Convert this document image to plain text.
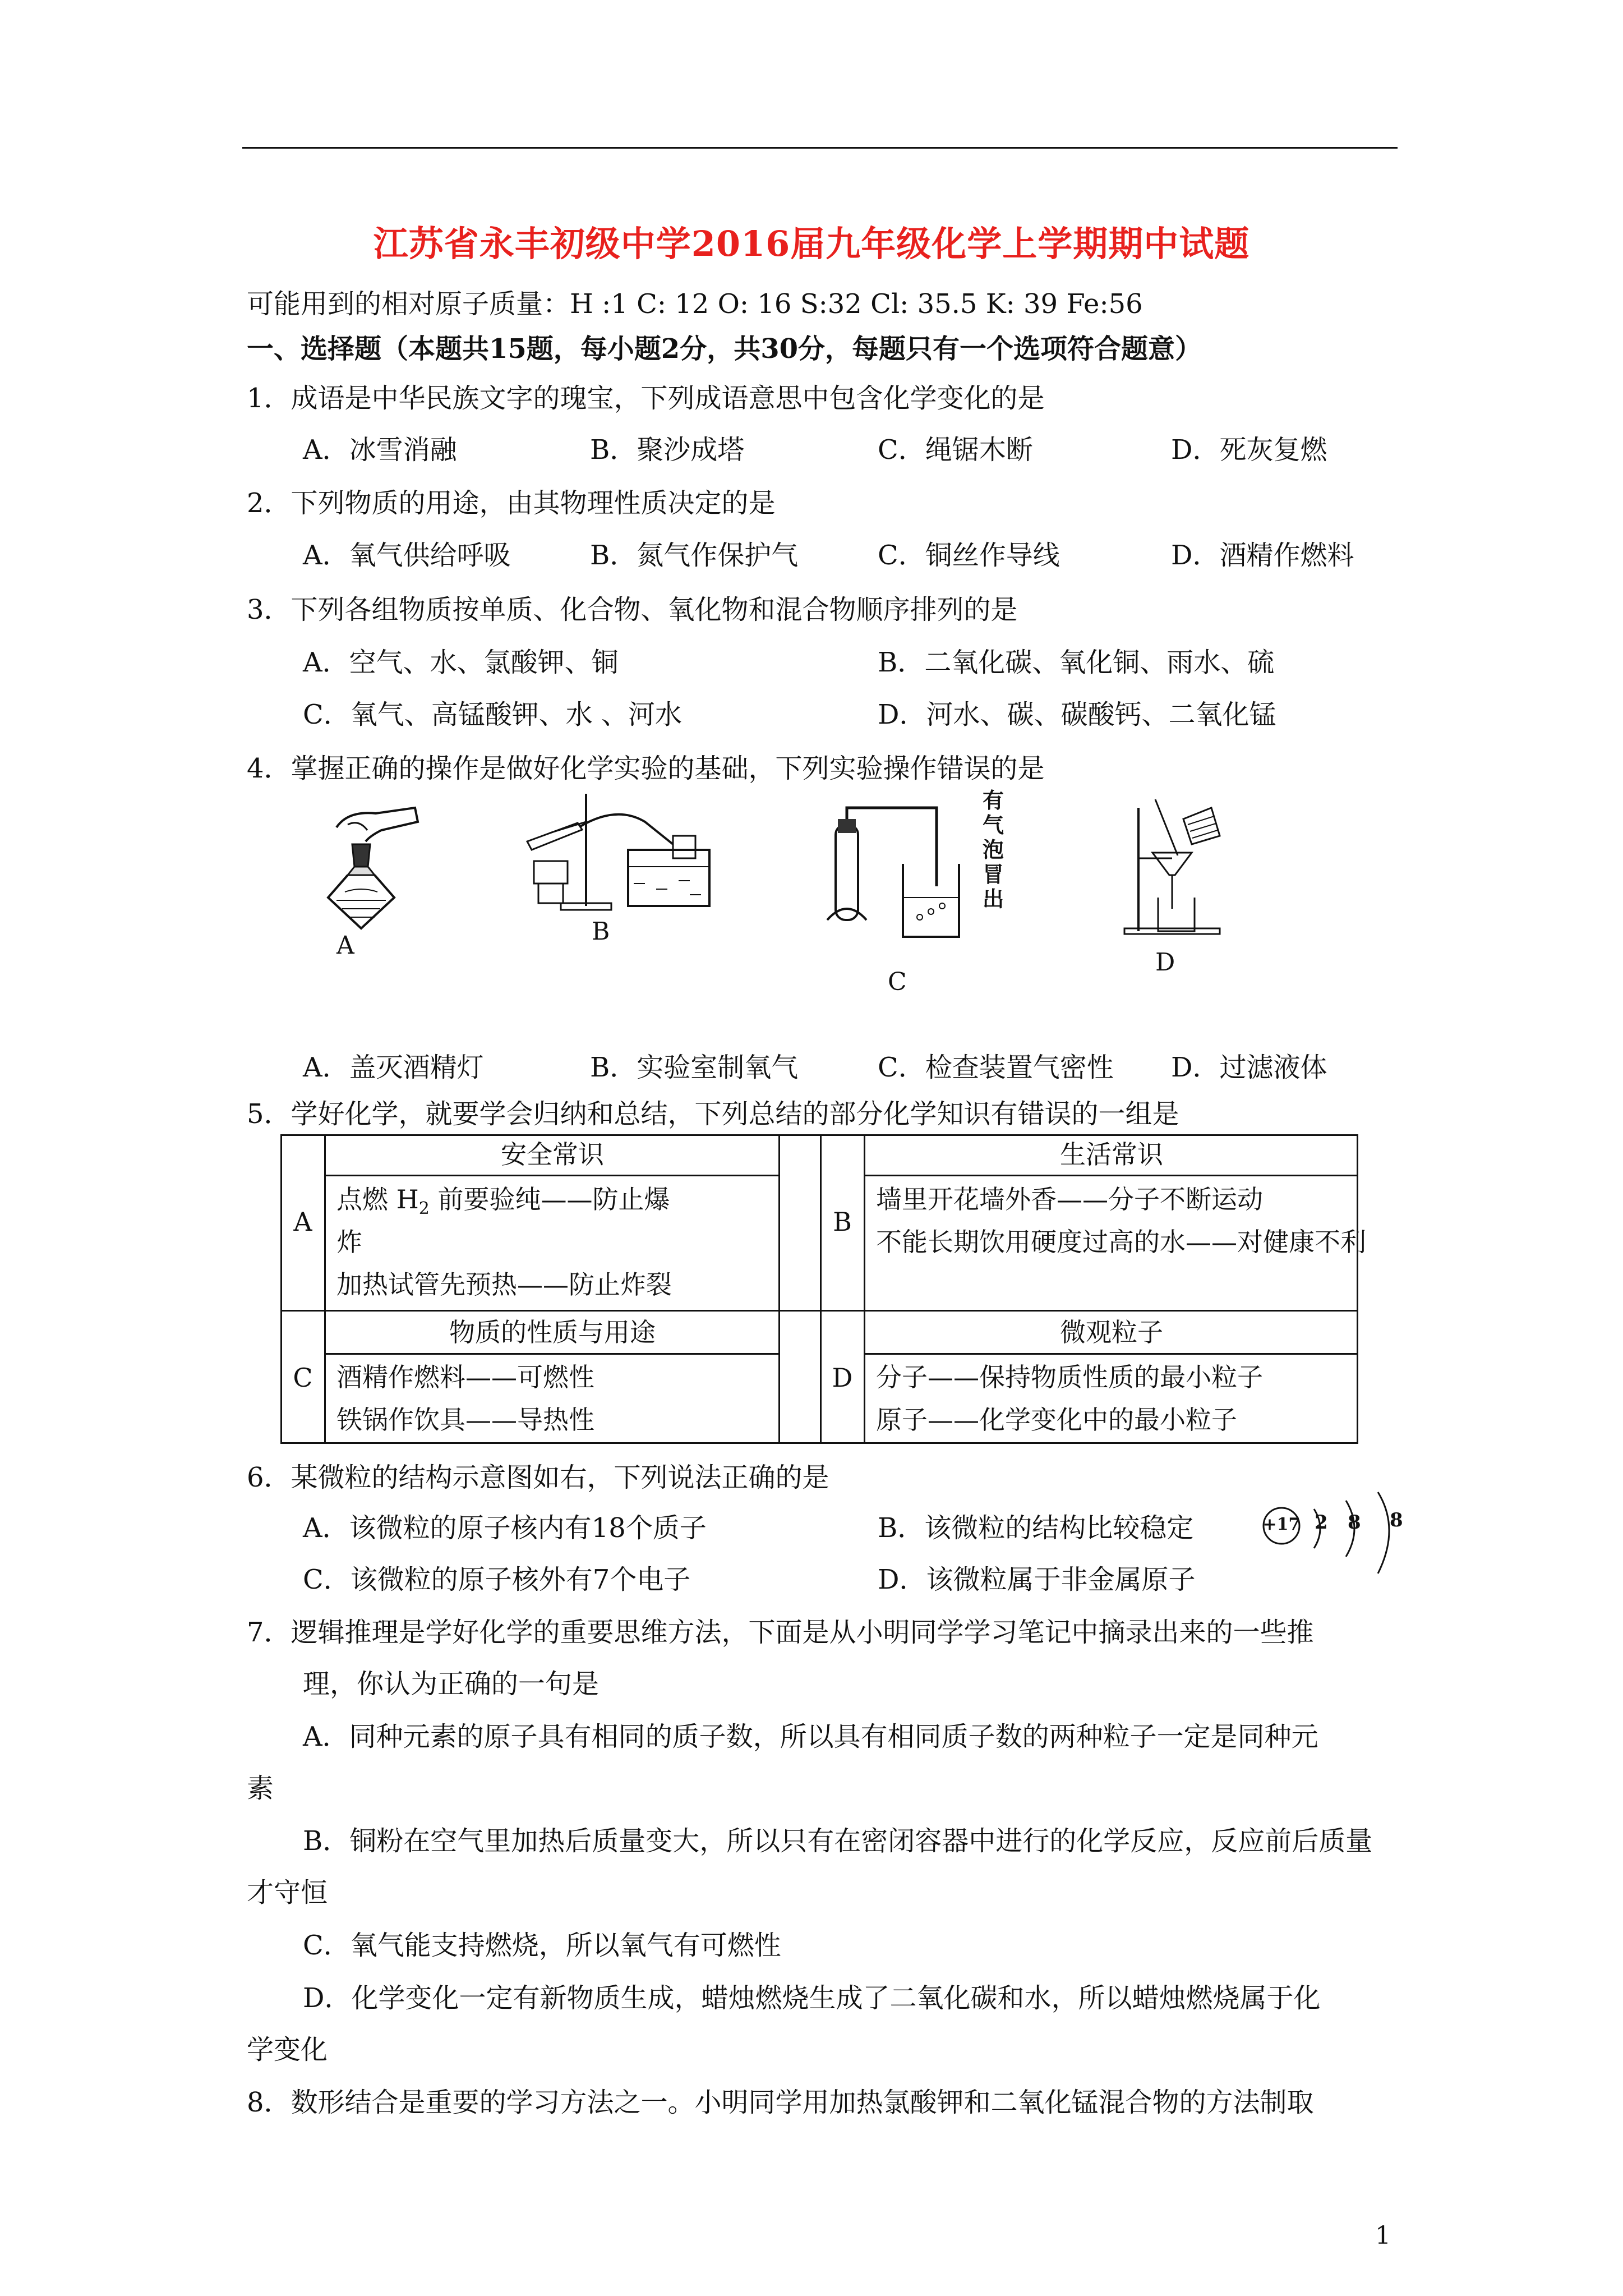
江苏省永丰初级中学2016届九年级化学上学期期中试题
可能用到的相对原子质量：H :1 C: 12 O: 16 S:32 Cl: 35.5 K: 39 Fe:56
一、选择题（本题共15题，每小题2分，共30分，每题只有一个选项符合题意）
1．成语是中华民族文字的瑰宝，下列成语意思中包含化学变化的是
A．冰雪消融	B．聚沙成塔	C．绳锯木断	D．死灰复燃
2．下列物质的用途，由其物理性质决定的是
A．氧气供给呼吸	B．氮气作保护气	C．铜丝作导线	D．酒精作燃料
3．下列各组物质按单质、化合物、氧化物和混合物顺序排列的是
A．空气、水、氯酸钾、铜	B．二氧化碳、氧化铜、雨水、硫
C．氧气、高锰酸钾、水 、河水	D．河水、碳、碳酸钙、二氧化锰
4．掌握正确的操作是做好化学实验的基础，下列实验操作错误的是
A	B
有气泡冒出
C
D
A．盖灭酒精灯	B．实验室制氧气	C．检查装置气密性 D．过滤液体
5．学好化学，就要学会归纳和总结，下列总结的部分化学知识有错误的一组是
A
安全常识
点燃 $H_2$ 前要验纯——防止爆
炸
加热试管先预热——防止炸裂
B
生活常识
墙里开花墙外香——分子不断运动
不能长期饮用硬度过高的水——对健康不利
C
物质的性质与用途
酒精作燃料——可燃性
铁锅作饮具——导热性
D
微观粒子
分子——保持物质性质的最小粒子
原子——化学变化中的最小粒子
6．某微粒的结构示意图如右，下列说法正确的是
A．该微粒的原子核内有18个质子	B．该微粒的结构比较稳定
C．该微粒的原子核外有7个电子	D．该微粒属于非金属原子
+17 2 8 8
7．逻辑推理是学好化学的重要思维方法，下面是从小明同学学习笔记中摘录出来的一些推
理，你认为正确的一句是
A．同种元素的原子具有相同的质子数，所以具有相同质子数的两种粒子一定是同种元
素
B．铜粉在空气里加热后质量变大，所以只有在密闭容器中进行的化学反应，反应前后质量
才守恒
C．氧气能支持燃烧，所以氧气有可燃性
D．化学变化一定有新物质生成，蜡烛燃烧生成了二氧化碳和水，所以蜡烛燃烧属于化
学变化
8．数形结合是重要的学习方法之一。小明同学用加热氯酸钾和二氧化锰混合物的方法制取
1
